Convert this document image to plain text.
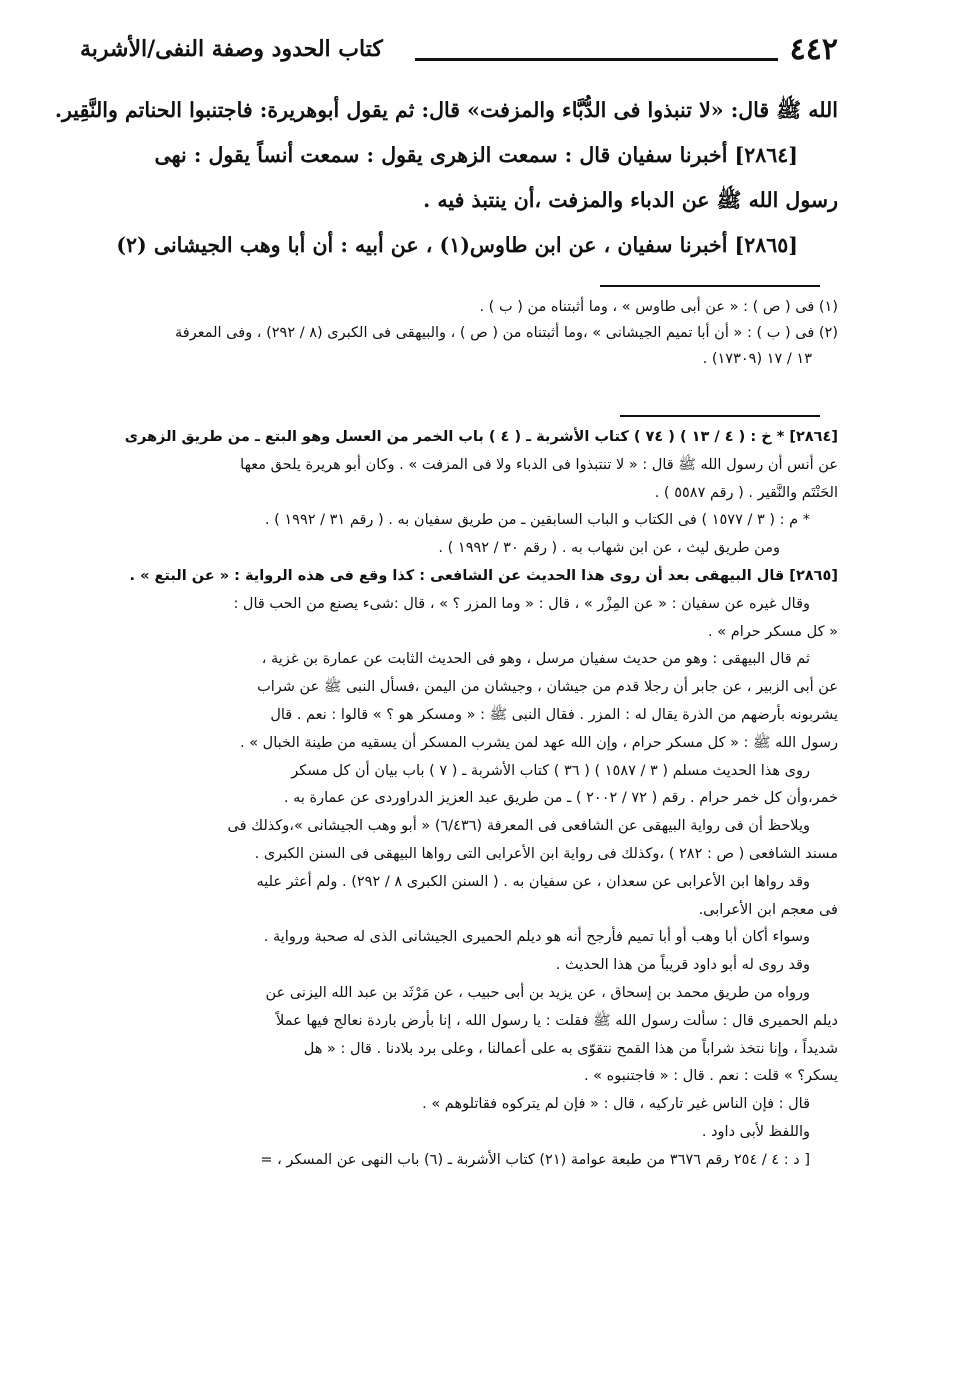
٤٤٢
كتاب الحدود وصفة النفى/الأشربة

الله ﷺ قال: «لا تنبذوا فى الدُّبَّاء والمزفت» قال: ثم يقول أبوهريرة: فاجتنبوا الحناتم والنَّقِير.

[٢٨٦٤] أخبرنا سفيان قال : سمعت الزهرى يقول : سمعت أنساً يقول : نهى

رسول الله ﷺ عن الدباء والمزفت ،أن ينتبذ فيه .

[٢٨٦٥] أخبرنا سفيان ، عن ابن طاوس(١) ، عن أبيه : أن أبا وهب الجيشانى (٢)

(١) فى ( ص ) : « عن أبى طاوس » ، وما أثبتناه من ( ب ) .

(٢) فى ( ب ) : « أن أبا تميم الجيشانى » ،وما أثبتناه من ( ص ) ، والبيهقى فى الكبرى (٨ / ٢٩٢) ، وفى المعرفة

١٣ / ١٧ (١٧٣٠٩) .

[٢٨٦٤] * خ : ( ٤ / ١٣ ) ( ٧٤ ) كتاب الأشربة ـ ( ٤ ) باب الخمر من العسل وهو البتع ـ من طريق الزهرى

عن أنس أن رسول الله ﷺ قال : « لا تنتبذوا فى الدباء ولا فى المزفت » . وكان أبو هريرة يلحق معها

الحَنْتَم والنَّقير . ( رقم ٥٥٨٧ ) .

* م : ( ٣ / ١٥٧٧ ) فى الكتاب و الباب السابقين ـ من طريق سفيان به . ( رقم ٣١ / ١٩٩٢ ) .

ومن طريق ليث ، عن ابن شهاب به . ( رقم ٣٠ / ١٩٩٢ ) .

[٢٨٦٥] قال البيهقى بعد أن روى هذا الحديث عن الشافعى : كذا وقع فى هذه الرواية : « عن البتع » .

وقال غيره عن سفيان : « عن المِزْر » ، قال : « وما المزر ؟ » ، قال :شىء يصنع من الحب قال :

« كل مسكر حرام » .

ثم قال البيهقى : وهو من حديث سفيان مرسل ، وهو فى الحديث الثابت عن عمارة بن غزية ،

عن أبى الزبير ، عن جابر أن رجلا قدم من جيشان ، وجيشان من اليمن ،فسأل النبى ﷺ عن شراب

يشربونه بأرضهم من الذرة يقال له : المزر . فقال النبى ﷺ : « ومسكر هو ؟ » قالوا : نعم . قال

رسول الله ﷺ : « كل مسكر حرام ، وإن الله عهد لمن يشرب المسكر أن يسقيه من طينة الخبال » .

روى هذا الحديث مسلم ( ٣ / ١٥٨٧ ) ( ٣٦ ) كتاب الأشربة ـ ( ٧ ) باب بيان أن كل مسكر

خمر،وأن كل خمر حرام . رقم ( ٧٢ / ٢٠٠٢ ) ـ من طريق عبد العزيز الدراوردى عن عمارة به .

ويلاحظ أن فى رواية البيهقى عن الشافعى فى المعرفة (٦/٤٣٦) « أبو وهب الجيشانى »،وكذلك فى

مسند الشافعى ( ص : ٢٨٢ ) ،وكذلك فى رواية ابن الأعرابى التى رواها البيهقى فى السنن الكبرى .

وقد رواها ابن الأعرابى عن سعدان ، عن سفيان به . ( السنن الكبرى ٨ / ٢٩٢) . ولم أعثر عليه

فى معجم ابن الأعرابى.

وسواء أكان أبا وهب أو أبا تميم فأرجح أنه هو ديلم الحميرى الجيشانى الذى له صحبة ورواية .

وقد روى له أبو داود قريباً من هذا الحديث .

ورواه من طريق محمد بن إسحاق ، عن يزيد بن أبى حبيب ، عن مَرْثَد بن عبد الله اليزنى عن

ديلم الحميرى قال : سألت رسول الله ﷺ فقلت : يا رسول الله ، إنا بأرض باردة نعالج فيها عملاً

شديداً ، وإنا نتخذ شراباً من هذا القمح نتقوّى به على أعمالنا ، وعلى برد بلادنا . قال : « هل

يسكر؟ » قلت : نعم . قال : « فاجتنبوه » .

قال : فإن الناس غير تاركيه ، قال : « فإن لم يتركوه فقاتلوهم » .

واللفظ لأبى داود .

[ د : ٤ / ٢٥٤ رقم ٣٦٧٦ من طبعة عوامة (٢١) كتاب الأشربة ـ (٦) باب النهى عن المسكر ، =
